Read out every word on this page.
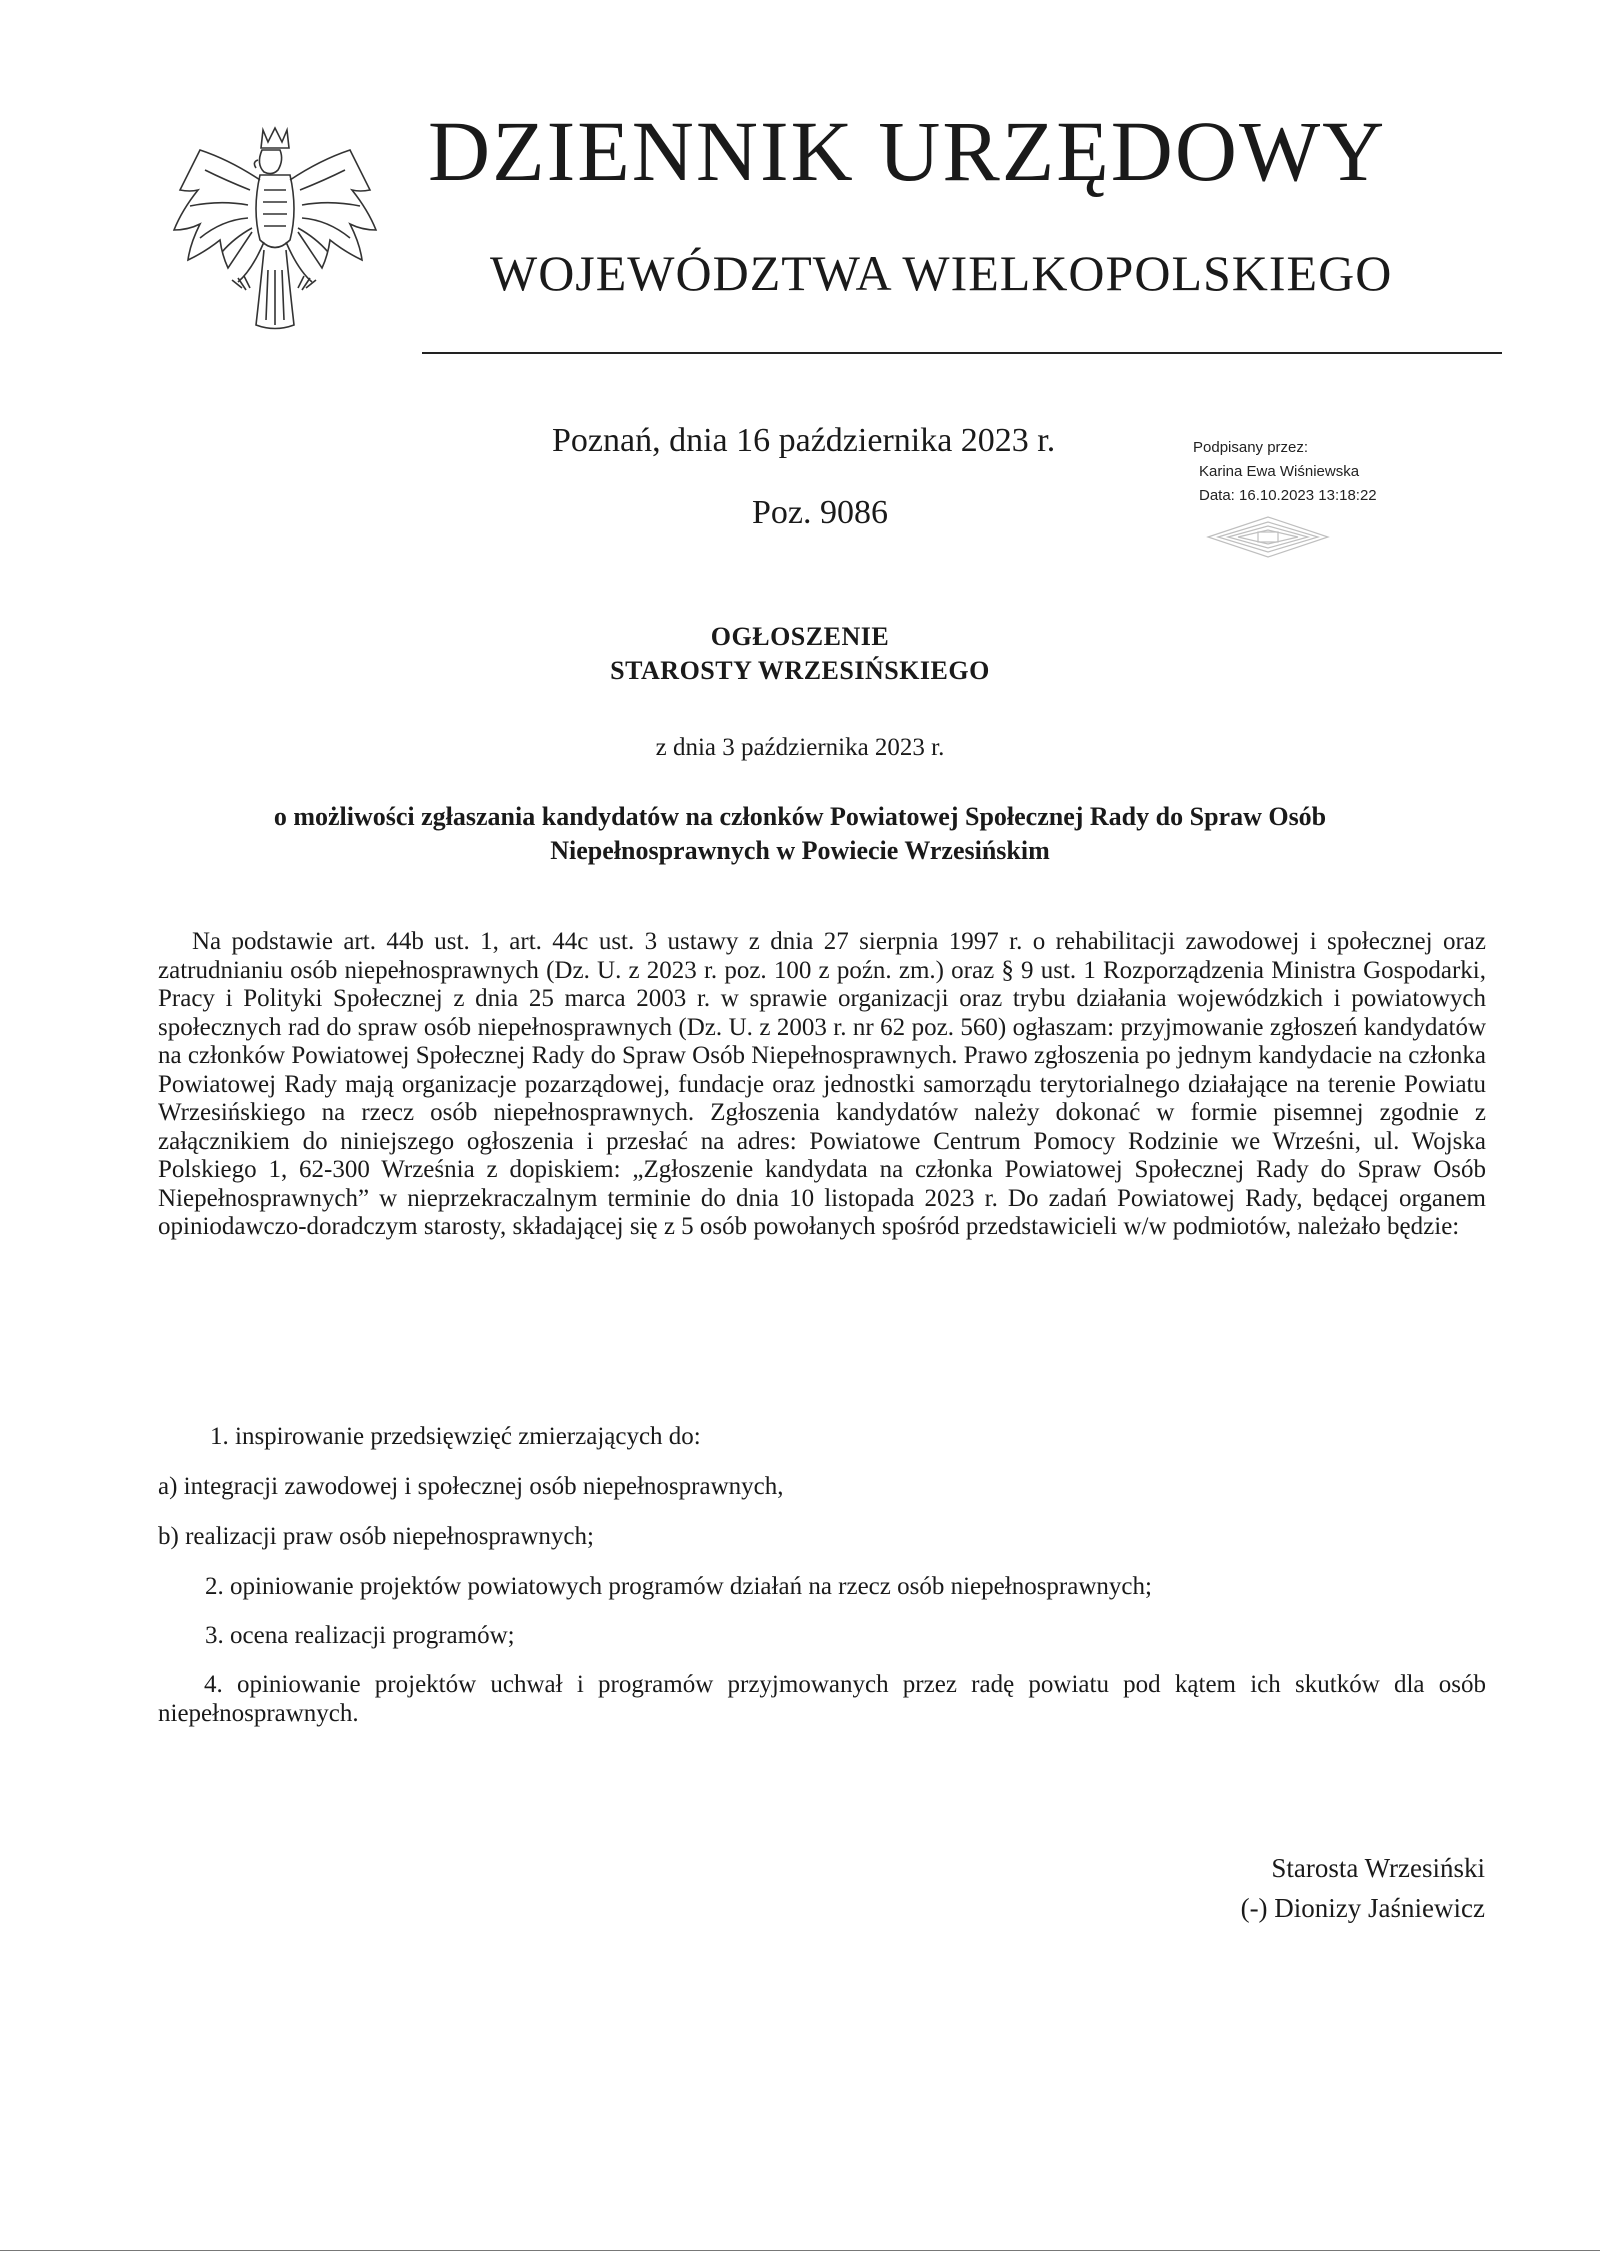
DZIENNIK URZĘDOWY
WOJEWÓDZTWA WIELKOPOLSKIEGO
Poznań, dnia 16 października 2023 r.
Poz. 9086
Podpisany przez:
Karina Ewa Wiśniewska
Data: 16.10.2023 13:18:22
OGŁOSZENIE
STAROSTY WRZESIŃSKIEGO
z dnia 3 października 2023 r.
o możliwości zgłaszania kandydatów na członków Powiatowej Społecznej Rady do Spraw Osób Niepełnosprawnych w Powiecie Wrzesińskim
Na podstawie art. 44b ust. 1, art. 44c ust. 3 ustawy z dnia 27 sierpnia 1997 r. o rehabilitacji zawodowej i społecznej oraz zatrudnianiu osób niepełnosprawnych (Dz. U. z 2023 r. poz. 100 z poźn. zm.) oraz § 9 ust. 1 Rozporządzenia Ministra Gospodarki, Pracy i Polityki Społecznej z dnia 25 marca 2003 r. w sprawie organizacji oraz trybu działania wojewódzkich i powiatowych społecznych rad do spraw osób niepełnosprawnych (Dz. U. z 2003 r. nr 62 poz. 560) ogłaszam: przyjmowanie zgłoszeń kandydatów na członków Powiatowej Społecznej Rady do Spraw Osób Niepełnosprawnych. Prawo zgłoszenia po jednym kandydacie na członka Powiatowej Rady mają organizacje pozarządowej, fundacje oraz jednostki samorządu terytorialnego działające na terenie Powiatu Wrzesińskiego na rzecz osób niepełnosprawnych. Zgłoszenia kandydatów należy dokonać w formie pisemnej zgodnie z załącznikiem do niniejszego ogłoszenia i przesłać na adres: Powiatowe Centrum Pomocy Rodzinie we Wrześni, ul. Wojska Polskiego 1, 62-300 Września z dopiskiem: „Zgłoszenie kandydata na członka Powiatowej Społecznej Rady do Spraw Osób Niepełnosprawnych” w nieprzekraczalnym terminie do dnia 10 listopada 2023 r. Do zadań Powiatowej Rady, będącej organem opiniodawczo-doradczym starosty, składającej się z 5 osób powołanych spośród przedstawicieli w/w podmiotów, należało będzie:
1. inspirowanie przedsięwzięć zmierzających do:
a) integracji zawodowej i społecznej osób niepełnosprawnych,
b) realizacji praw osób niepełnosprawnych;
2. opiniowanie projektów powiatowych programów działań na rzecz osób niepełnosprawnych;
3. ocena realizacji programów;
4. opiniowanie projektów uchwał i programów przyjmowanych przez radę powiatu pod kątem ich skutków dla osób niepełnosprawnych.
Starosta Wrzesiński
(-) Dionizy Jaśniewicz
